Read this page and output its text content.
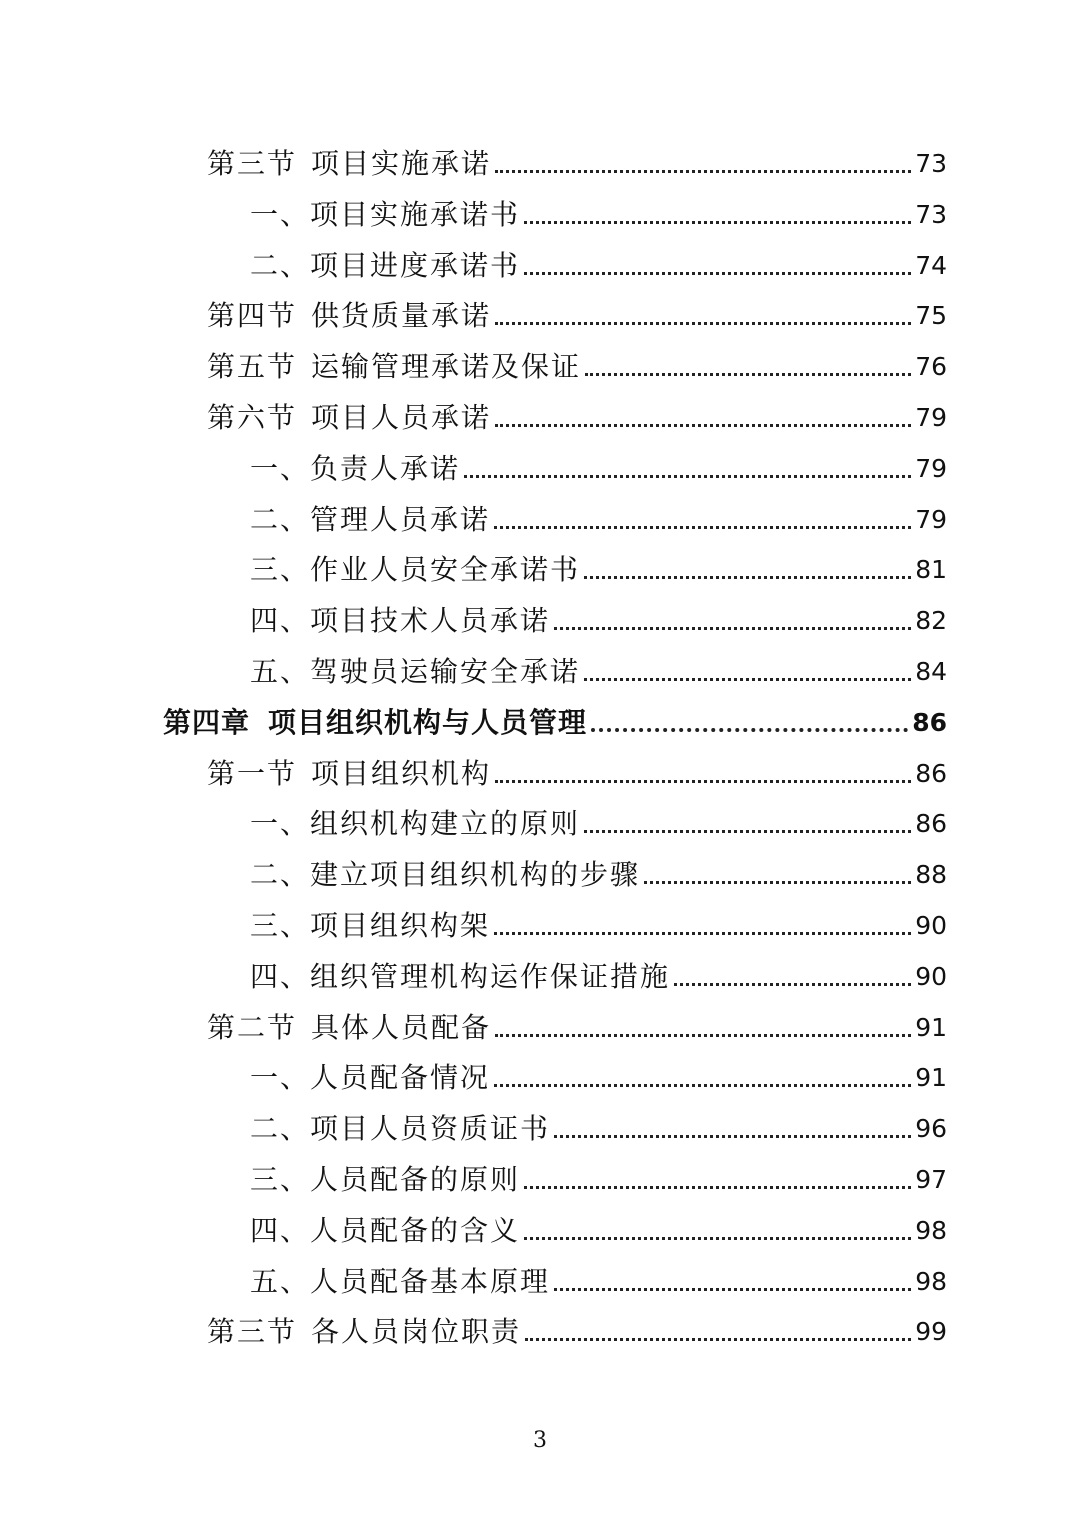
第三节 项目实施承诺	73
一、项目实施承诺书	73
二、项目进度承诺书	74
第四节 供货质量承诺	75
第五节 运输管理承诺及保证	76
第六节 项目人员承诺	79
一、负责人承诺	79
二、管理人员承诺	79
三、作业人员安全承诺书	81
四、项目技术人员承诺	82
五、驾驶员运输安全承诺	84
第四章 项目组织机构与人员管理	86
第一节 项目组织机构	86
一、组织机构建立的原则	86
二、建立项目组织机构的步骤	88
三、项目组织构架	90
四、组织管理机构运作保证措施	90
第二节 具体人员配备	91
一、人员配备情况	91
二、项目人员资质证书	96
三、人员配备的原则	97
四、人员配备的含义	98
五、人员配备基本原理	98
第三节 各人员岗位职责	99
3
